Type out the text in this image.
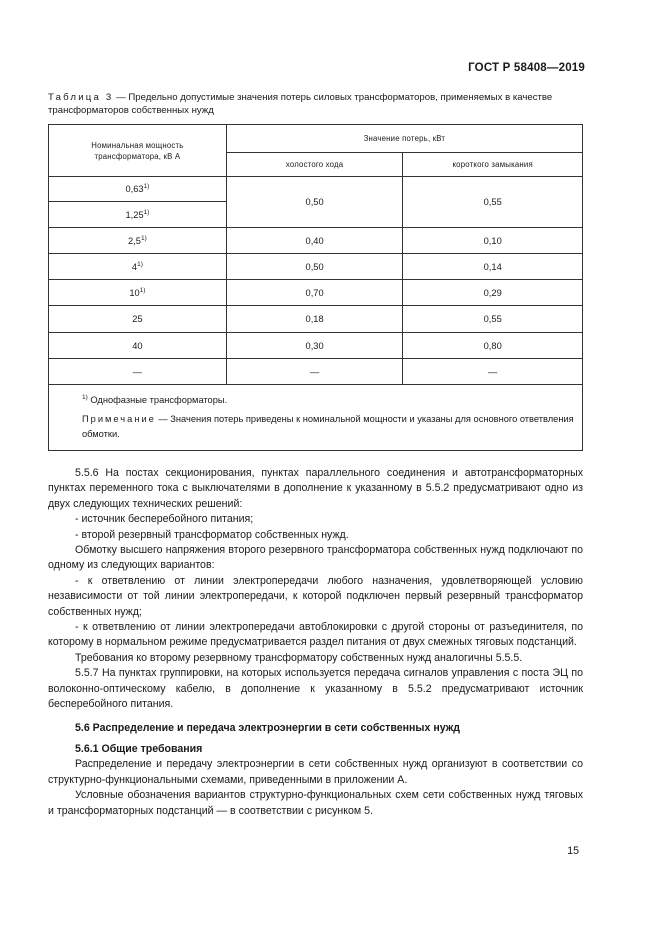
ГОСТ Р 58408—2019
Таблица 3 — Предельно допустимые значения потерь силовых трансформаторов, применяемых в качестве трансформаторов собственных нужд
Номинальная мощность трансформатора, кВ А	Значение потерь, кВт	
	холостого хода	короткого замыкания
0,63$^{1)}$	0,50	0,55
1,25$^{1)}$
2,5$^{1)}$	0,40	0,10
4$^{1)}$	0,50	0,14
10$^{1)}$	0,70	0,29
25	0,18	0,55
40	0,30	0,80
—	—	—

$^{1)}$ Однофазные трансформаторы.
Примечание — Значения потерь приведены к номинальной мощности и указаны для основного ответвления обмотки.		

5.5.6 На постах секционирования, пунктах параллельного соединения и автотрансформаторных пунктах переменного тока с выключателями в дополнение к указанному в 5.5.2 предусматривают одно из двух следующих технических решений:

- источник бесперебойного питания;

- второй резервный трансформатор собственных нужд.

Обмотку высшего напряжения второго резервного трансформатора собственных нужд подключают по одному из следующих вариантов:

- к ответвлению от линии электропередачи любого назначения, удовлетворяющей условию независимости от той линии электропередачи, к которой подключен первый резервный трансформатор собственных нужд;

- к ответвлению от линии электропередачи автоблокировки с другой стороны от разъединителя, по которому в нормальном режиме предусматривается раздел питания от двух смежных тяговых подстанций.

Требования ко второму резервному трансформатору собственных нужд аналогичны 5.5.5.

5.5.7 На пунктах группировки, на которых используется передача сигналов управления с поста ЭЦ по волоконно-оптическому кабелю, в дополнение к указанному в 5.5.2 предусматривают источник бесперебойного питания.

5.6 Распределение и передача электроэнергии в сети собственных нужд

5.6.1 Общие требования

Распределение и передачу электроэнергии в сети собственных нужд организуют в соответствии со структурно-функциональными схемами, приведенными в приложении А.

Условные обозначения вариантов структурно-функциональных схем сети собственных нужд тяговых и трансформаторных подстанций — в соответствии с рисунком 5.

15
